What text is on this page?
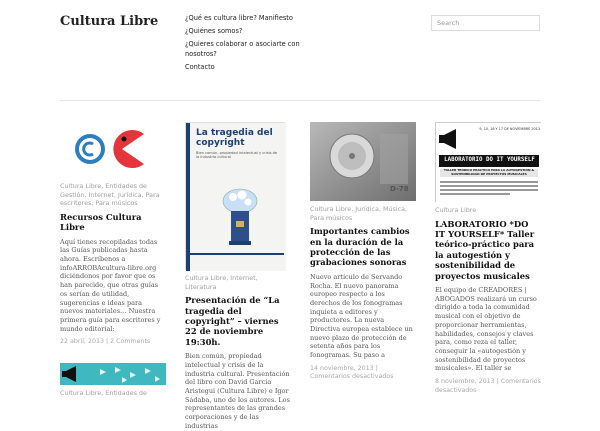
Cultura Libre	¿Qué es cultura libre? Manifiesto
¿Quiénes somos?
¿Quieres colaborar o asociarte con nosotros?
Contacto
Search
Cultura Libre, Entidades de Gestión, Internet, Jurídica, Para escritores, Para músicos
Recursos Cultura Libre
Aquí tienes recopiladas todas las Guías publicadas hasta ahora. Escríbenos a infoARROBAcultura-libre.org diciéndonos por favor que os han parecido, que otras guías os serían de utilidad, sugerencias e ideas para nuevos materiales… Nuestra primera guía para escritores y mundo editorial:
22 abril, 2013 | 2 Comments
La tragedia del copyright
Bien común, propiedad intelectual y crisis de la industria cultural
Cultura Libre, Internet, Literatura
Presentación de “La tragedia del copyright” – viernes 22 de noviembre 19:30h.
Bien común, propiedad intelectual y crisis de la industria cultural. Presentación del libro con David García Aristegui (Cultura Libre) e Igor Sádaba, uno de los autores. Los representantes de las grandes corporaciones y de las industrias
D-78
Cultura Libre, Jurídica, Música, Para músicos
Importantes cambios en la duración de la protección de las grabaciones sonoras
Nuevo artículo de Servando Rocha. El nuevo panorama europeo respecto a los derechos de los fonogramas inquieta a editores y productores. La nueva Directiva europea establece un nuevo plazo de protección de setenta años para los fonogramas. Su paso a
14 noviembre, 2013 | Comentarios desactivados
9, 10, 16 Y 17 DE NOVIEMBRE 2013
LABORATORIO DO IT YOURSELF
TALLER TEÓRICO PRÁCTICO PARA LA AUTOGESTIÓN & SOSTENIBILIDAD DE PROYECTOS MUSICALES
Cultura Libre
LABORATORIO *DO IT YOURSELF* Taller teórico-práctico para la autogestión y sostenibilidad de proyectos musicales
El equipo de CREADORES | ABOGADOS realizará un curso dirigido a toda la comunidad musical con el objetivo de proporcionar herramientas, habilidades, consejos y claves para, como reza el taller, conseguir la «autogestión y sostenibilidad de proyectos musicales». El taller se
8 noviembre, 2013 | Comentarios desactivados
Cultura Libre, Entidades de
